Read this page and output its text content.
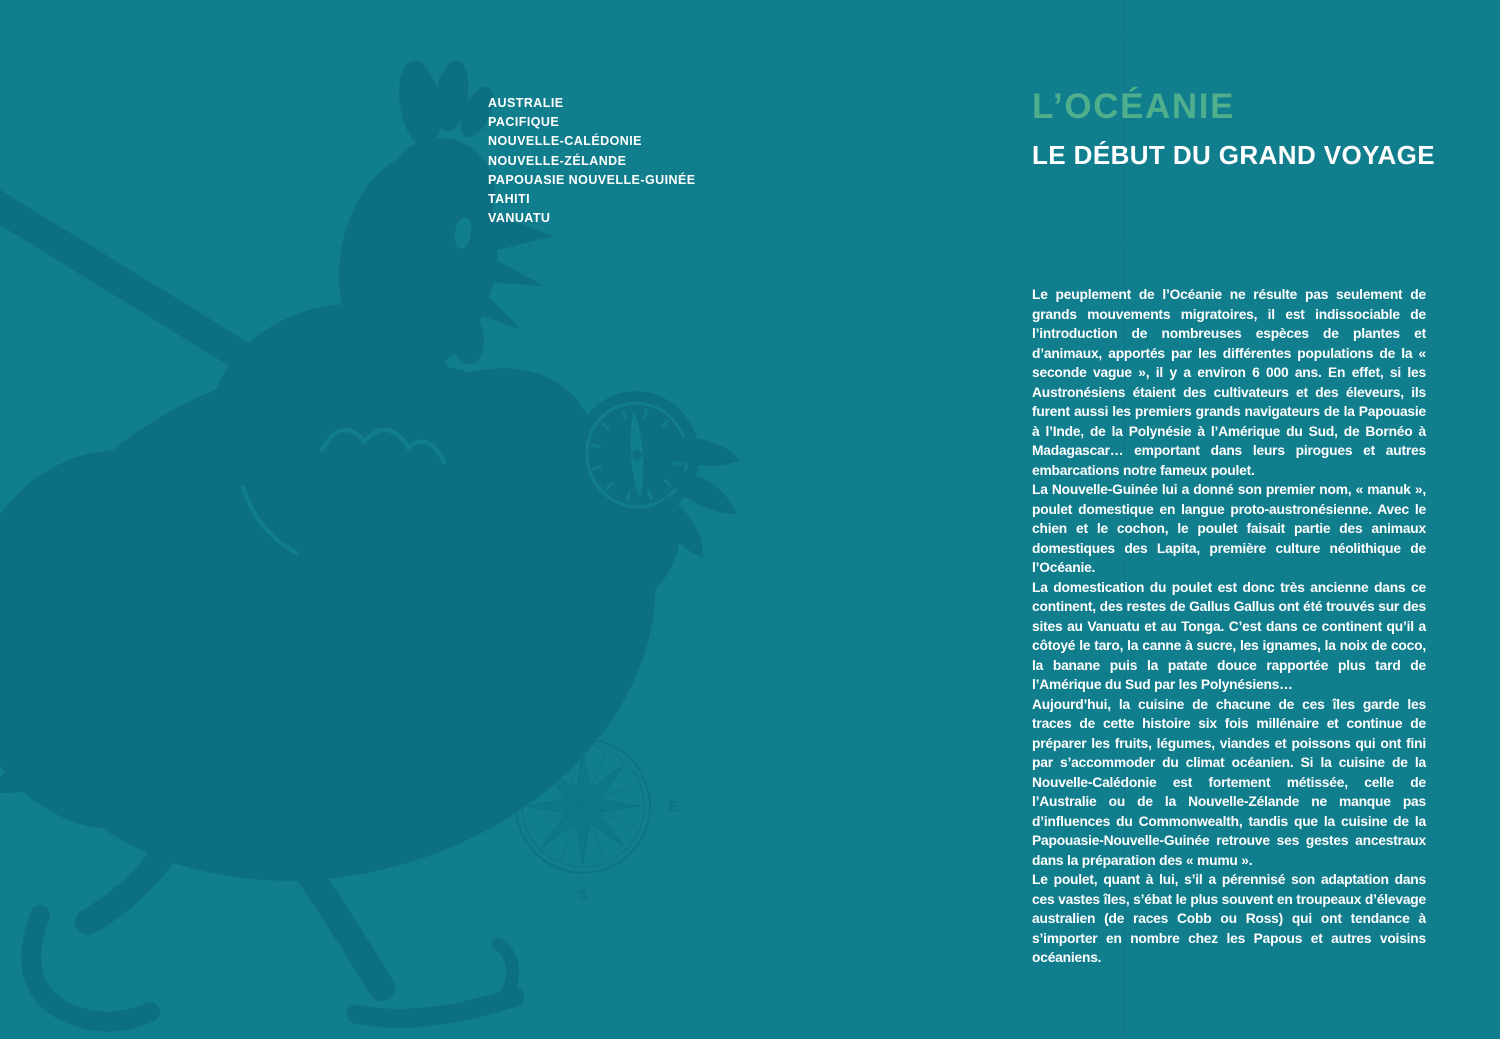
E
S
AUSTRALIE
PACIFIQUE
NOUVELLE-CALÉDONIE
NOUVELLE-ZÉLANDE
PAPOUASIE NOUVELLE-GUINÉE
TAHITI
VANUATU
L’OCÉANIE
LE DÉBUT DU GRAND VOYAGE

Le peuplement de l’Océanie ne résulte pas seulement de grands mouvements migratoires, il est indissociable de l’introduction de nombreuses espèces de plantes et d’animaux, apportés par les différentes populations de la « seconde vague », il y a environ 6 000 ans. En effet, si les Austronésiens étaient des cultivateurs et des éleveurs, ils furent aussi les premiers grands navigateurs de la Papouasie à l’Inde, de la Polynésie à l’Amérique du Sud, de Bornéo à Madagascar… emportant dans leurs pirogues et autres embarcations notre fameux poulet.

La Nouvelle-Guinée lui a donné son premier nom, « manuk », poulet domestique en langue proto-austronésienne. Avec le chien et le cochon, le poulet faisait partie des animaux domestiques des Lapita, première culture néolithique de l’Océanie.

La domestication du poulet est donc très ancienne dans ce continent, des restes de Gallus Gallus ont été trouvés sur des sites au Vanuatu et au Tonga. C’est dans ce continent qu’il a côtoyé le taro, la canne à sucre, les ignames, la noix de coco, la banane puis la patate douce rapportée plus tard de l’Amérique du Sud par les Polynésiens…

Aujourd’hui, la cuisine de chacune de ces îles garde les traces de cette histoire six fois millénaire et continue de préparer les fruits, légumes, viandes et poissons qui ont fini par s’accommoder du climat océanien. Si la cuisine de la Nouvelle-Calédonie est fortement métissée, celle de l’Australie ou de la Nouvelle-Zélande ne manque pas d’influences du Commonwealth, tandis que la cuisine de la Papouasie-Nouvelle-Guinée retrouve ses gestes ancestraux dans la préparation des « mumu ».

Le poulet, quant à lui, s’il a pérennisé son adaptation dans ces vastes îles, s’ébat le plus souvent en troupeaux d’élevage australien (de races Cobb ou Ross) qui ont tendance à s’importer en nombre chez les Papous et autres voisins océaniens.
